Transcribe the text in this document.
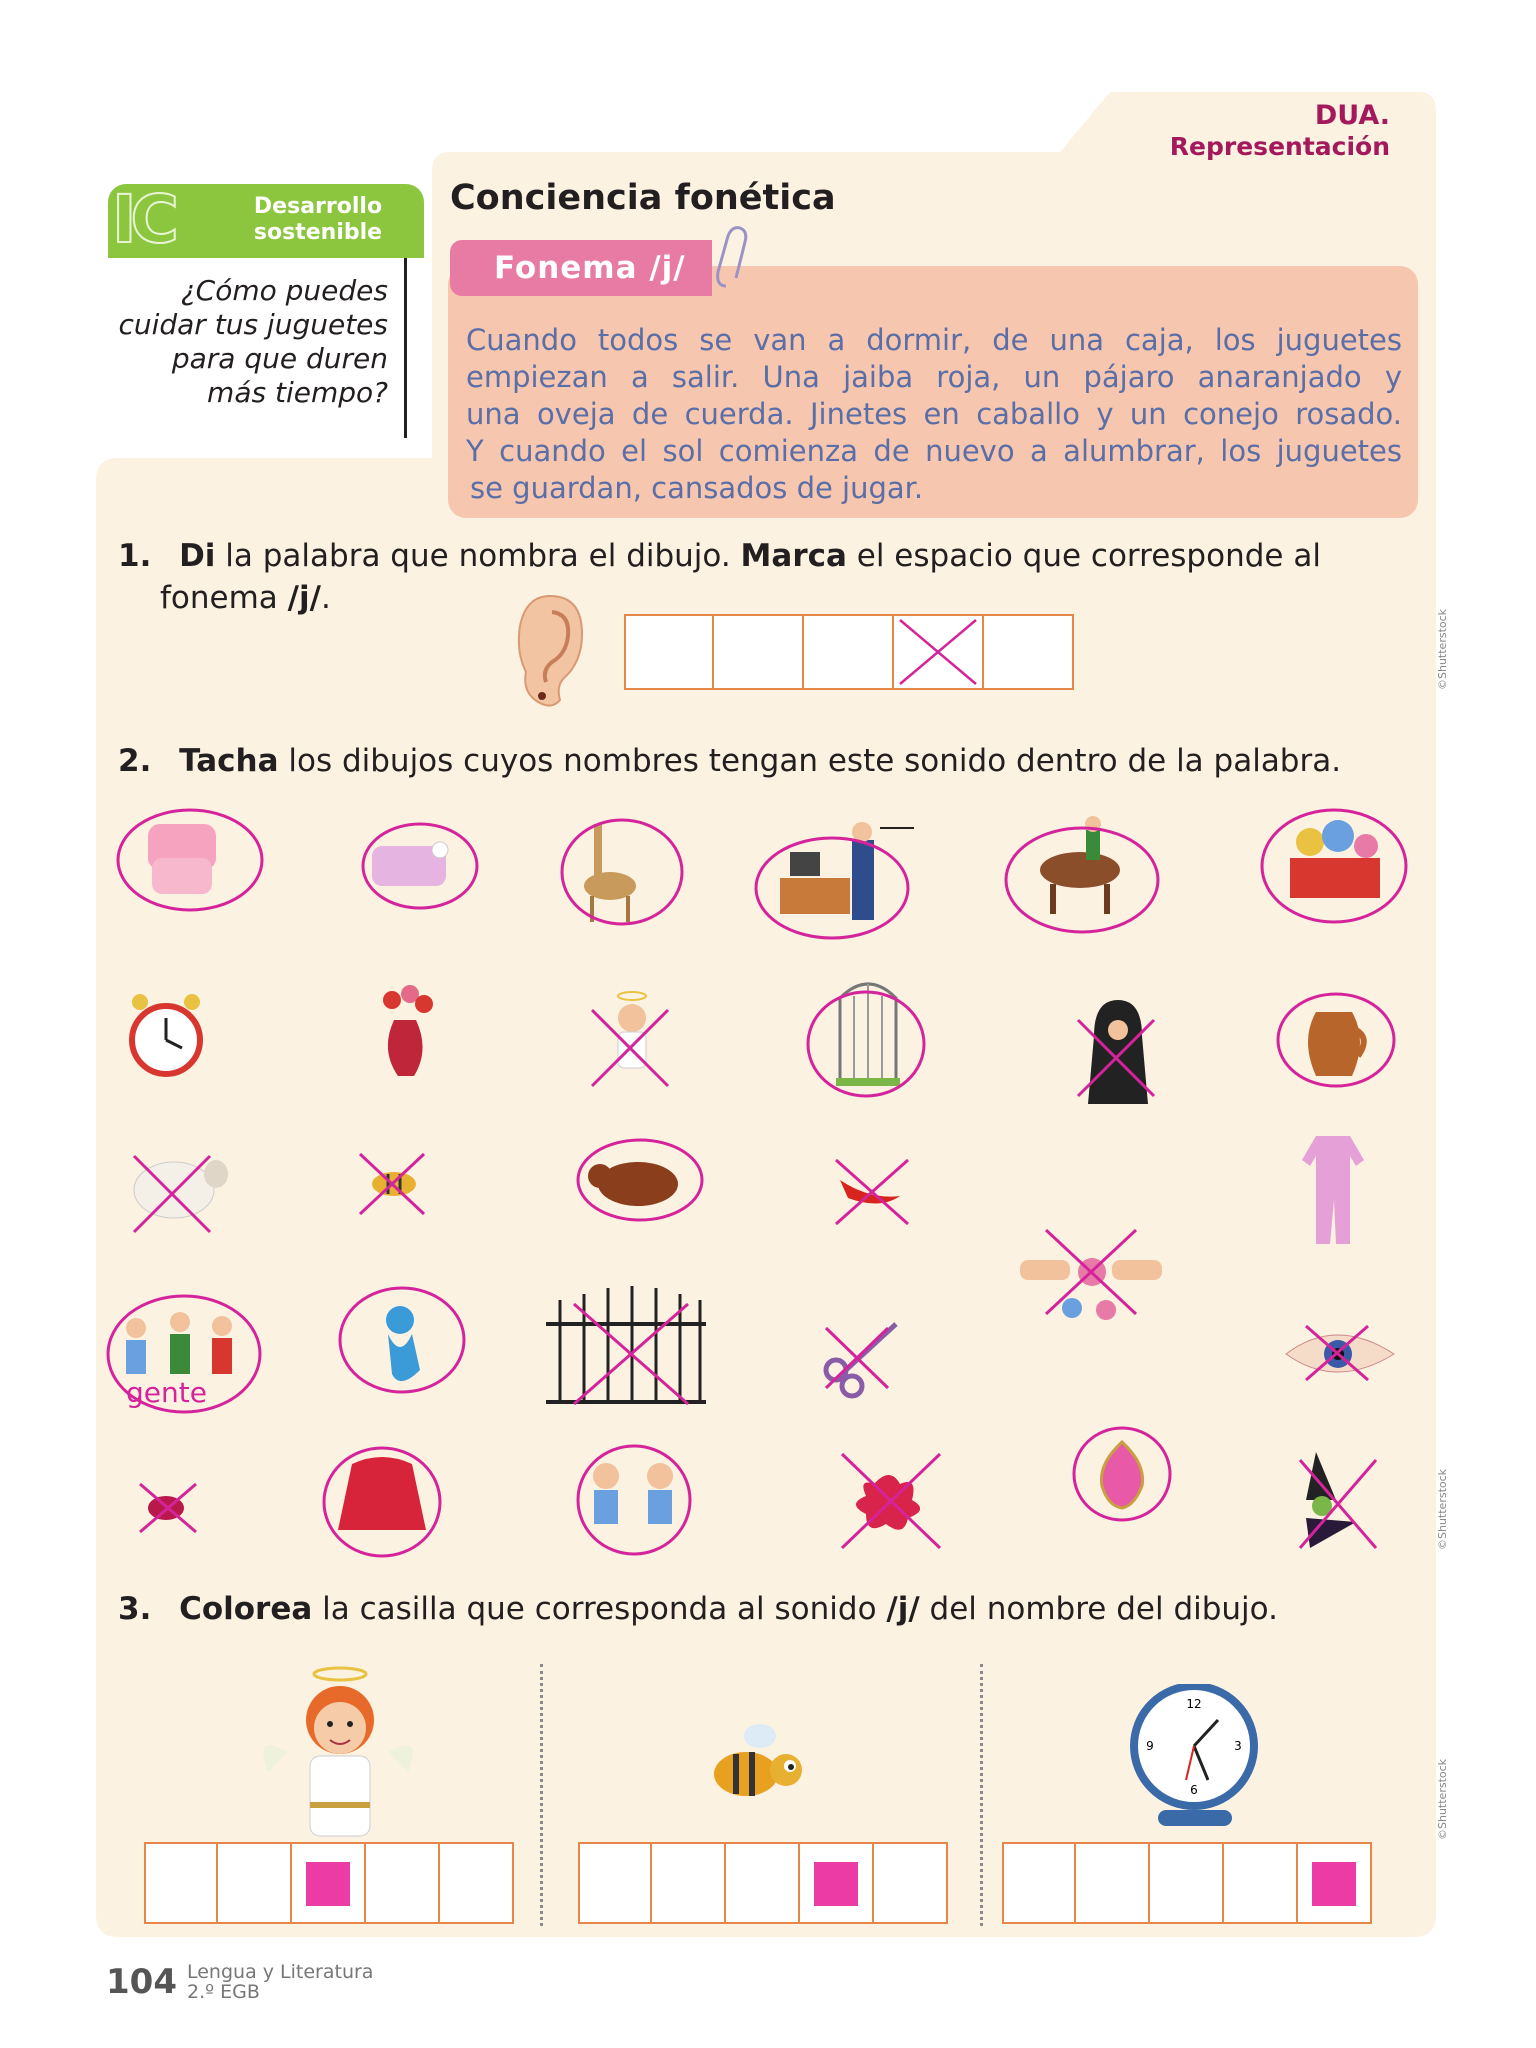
DUA.
Representación
IC	Desarrollo
sostenible
¿Cómo puedes
cuidar tus juguetes
para que duren
más tiempo?
Conciencia fonética
Fonema /j/
Cuando todos se van a dormir, de una caja, los juguetes
empiezan a salir. Una jaiba roja, un pájaro anaranjado y
una oveja de cuerda. Jinetes en caballo y un conejo rosado.
Y cuando el sol comienza de nuevo a alumbrar, los juguetes
se guardan, cansados de jugar.
1. Di la palabra que nombra el dibujo. Marca el espacio que corresponde al
fonema /j/.
2. Tacha los dibujos cuyos nombres tengan este sonido dentro de la palabra.
gente
3. Colorea la casilla que corresponda al sonido /j/ del nombre del dibujo.
12
3
6
9
©Shutterstock
©Shutterstock
©Shutterstock
104 Lengua y Literatura
2.º EGB
